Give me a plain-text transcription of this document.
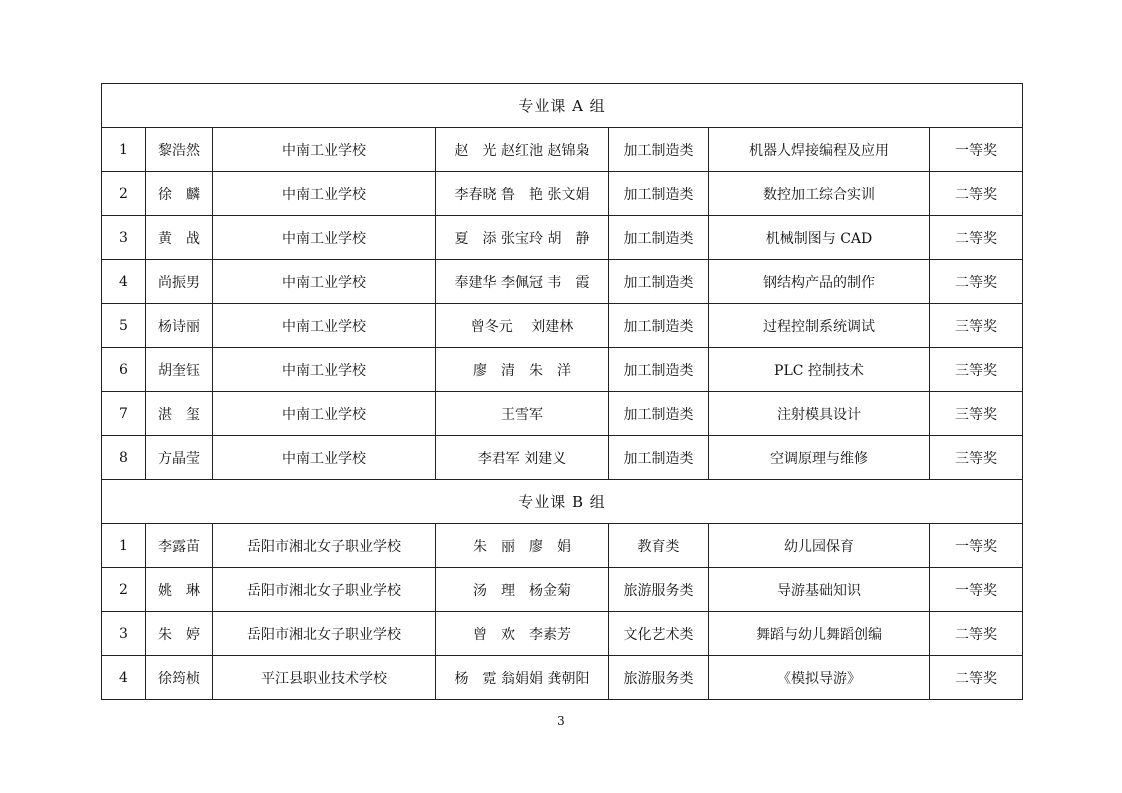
专业课 A 组						
1	黎浩然	中南工业学校	赵　光 赵红池 赵锦枭	加工制造类	机器人焊接编程及应用	一等奖
2	徐　麟	中南工业学校	李春晓 鲁　艳 张文娟	加工制造类	数控加工综合实训	二等奖
3	黄　战	中南工业学校	夏　添 张宝玲 胡　静	加工制造类	机械制图与 CAD	二等奖
4	尚振男	中南工业学校	奉建华 李佩冠 韦　霞	加工制造类	钢结构产品的制作	二等奖
5	杨诗丽	中南工业学校	曾冬元　 刘建林	加工制造类	过程控制系统调试	三等奖
6	胡奎钰	中南工业学校	廖　清　朱　洋	加工制造类	PLC 控制技术	三等奖
7	湛　玺	中南工业学校	王雪军	加工制造类	注射模具设计	三等奖
8	方晶莹	中南工业学校	李君军 刘建义	加工制造类	空调原理与维修	三等奖
专业课 B 组						
1	李露苗	岳阳市湘北女子职业学校	朱　丽　廖　娟	教育类	幼儿园保育	一等奖
2	姚　琳	岳阳市湘北女子职业学校	汤　理　杨金菊	旅游服务类	导游基础知识	一等奖
3	朱　婷	岳阳市湘北女子职业学校	曾　欢　李素芳	文化艺术类	舞蹈与幼儿舞蹈创编	二等奖
4	徐筠桢	平江县职业技术学校	杨　霓 翁娟娟 龚朝阳	旅游服务类	《模拟导游》	二等奖
3
